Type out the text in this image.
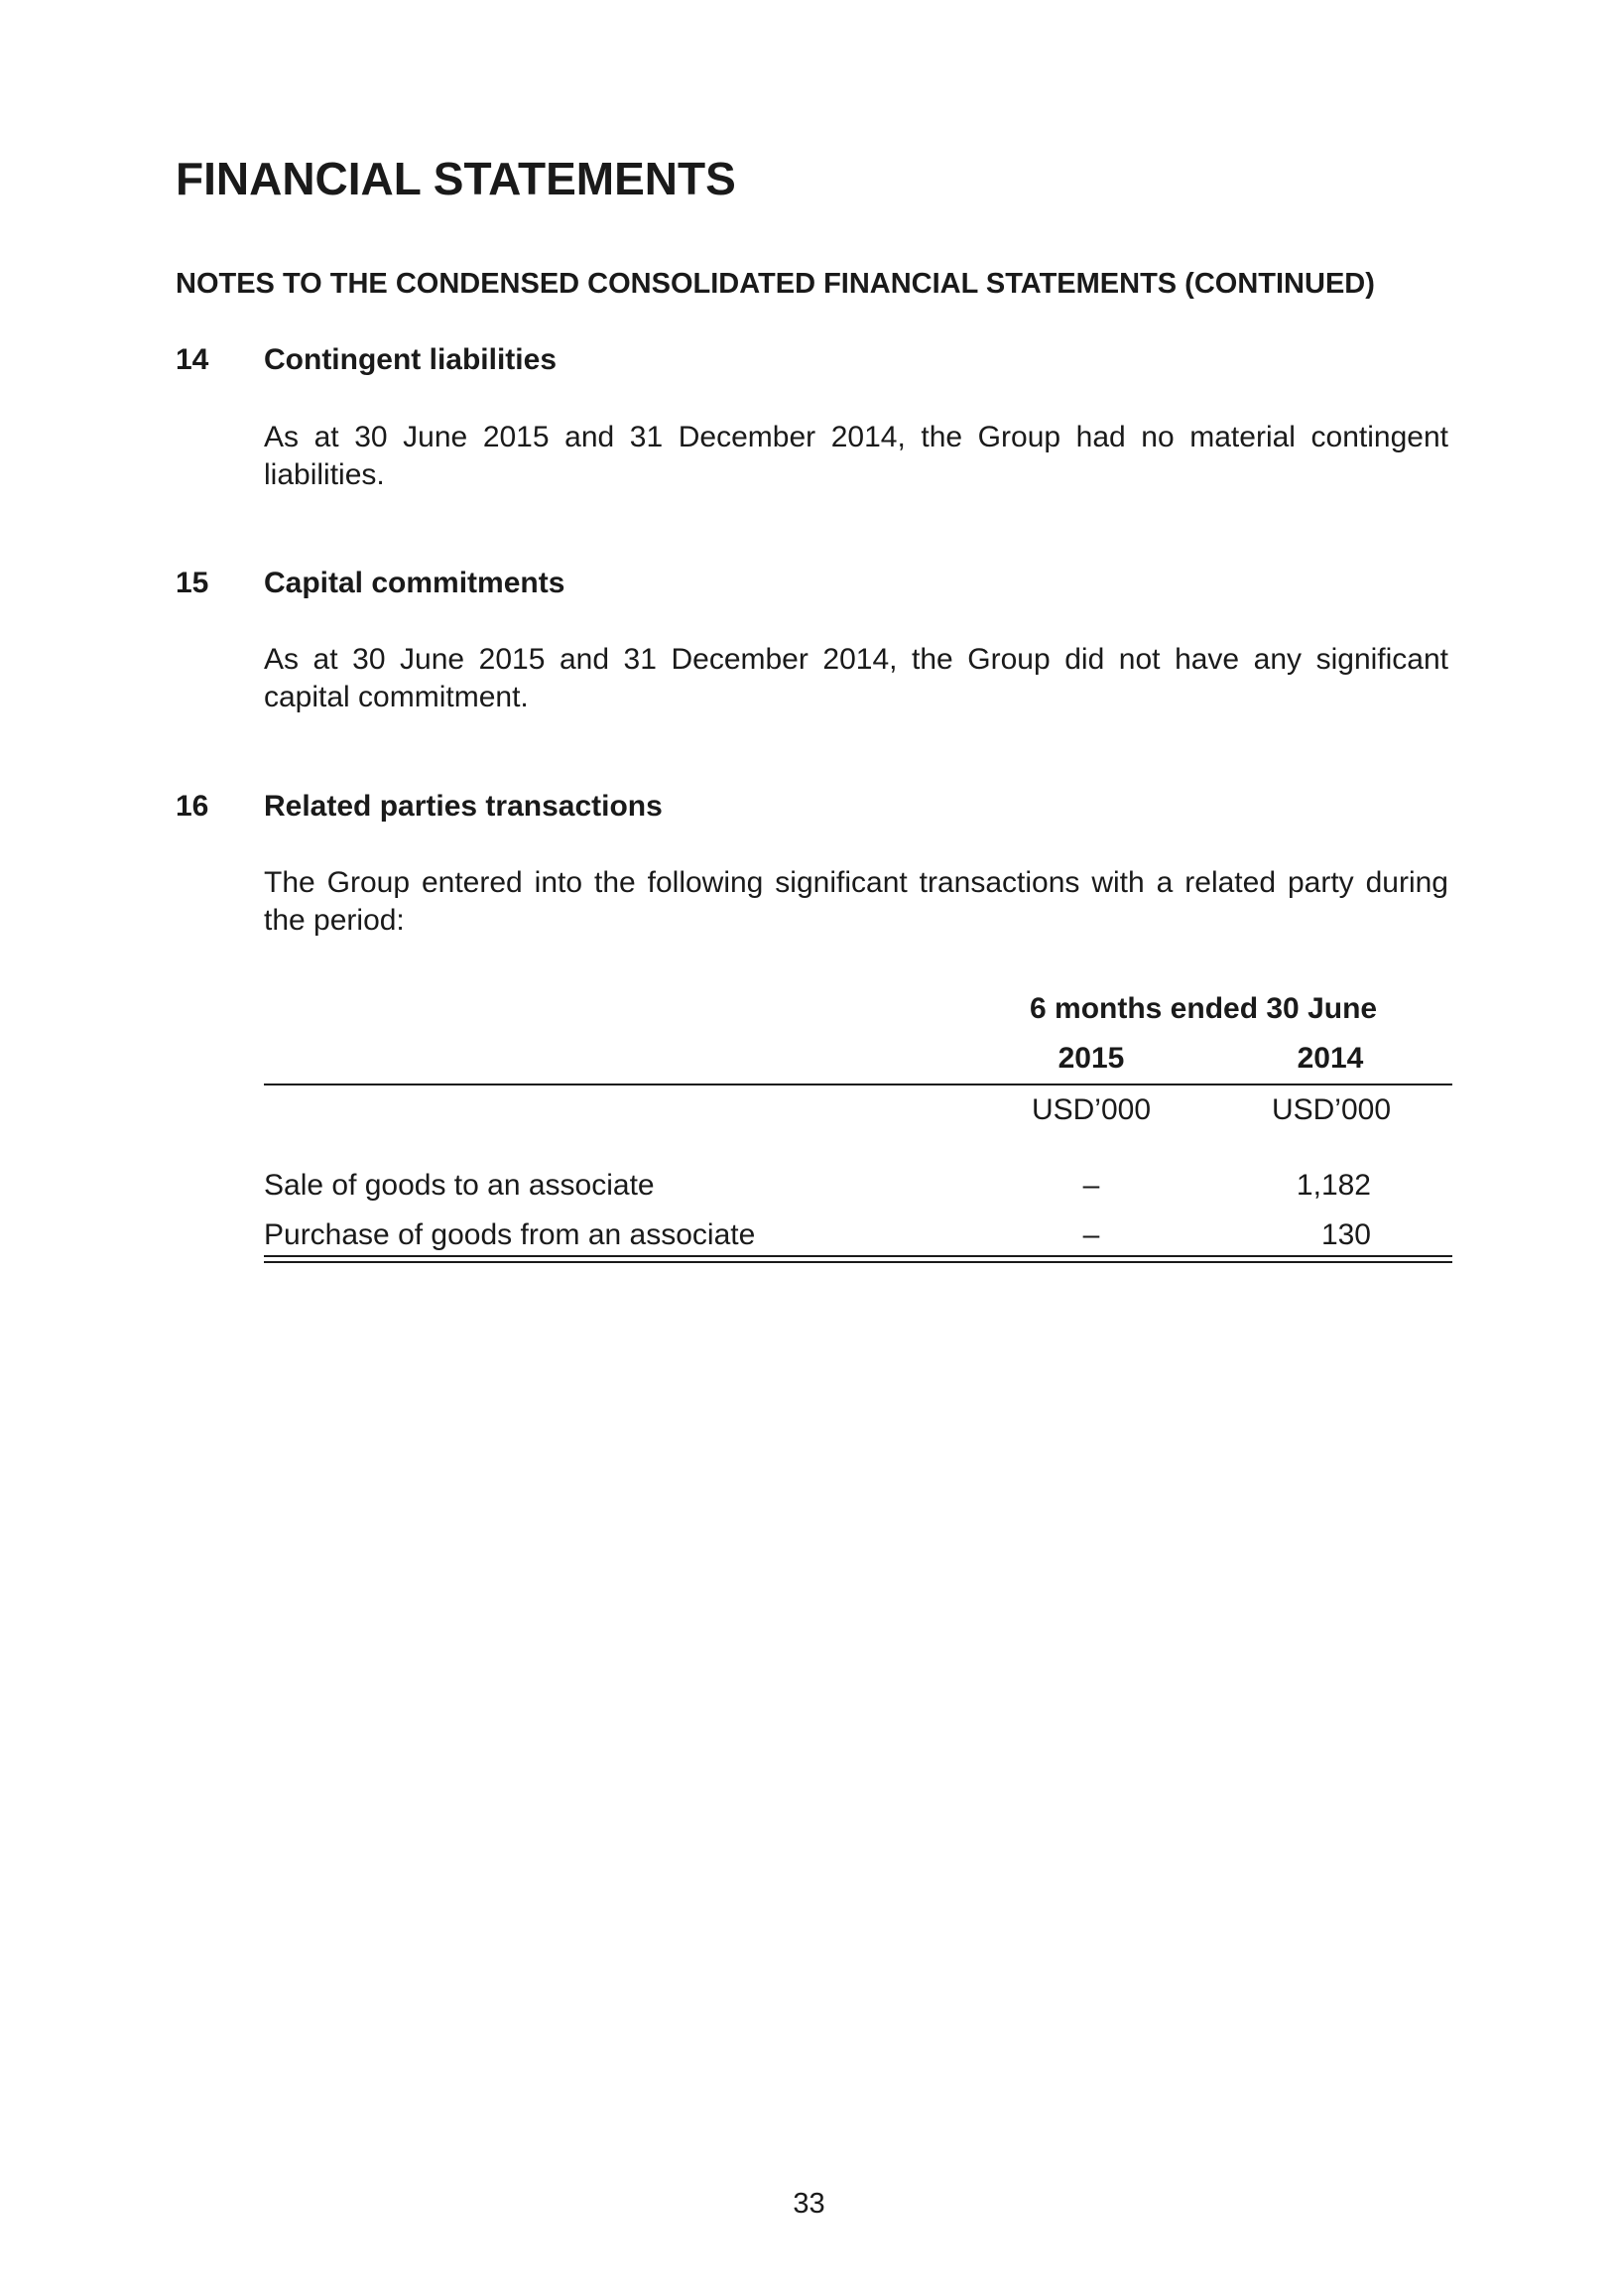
FINANCIAL STATEMENTS
NOTES TO THE CONDENSED CONSOLIDATED FINANCIAL STATEMENTS (CONTINUED)
14 Contingent liabilities

As at 30 June 2015 and 31 December 2014, the Group had no material contingent liabilities.

15 Capital commitments

As at 30 June 2015 and 31 December 2014, the Group did not have any significant capital commitment.

16 Related parties transactions

The Group entered into the following significant transactions with a related party during the period:

6 months ended 30 June
2015	2014
USD’000	USD’000
Sale of goods to an associate	–	1,182
Purchase of goods from an associate	–	130
33
